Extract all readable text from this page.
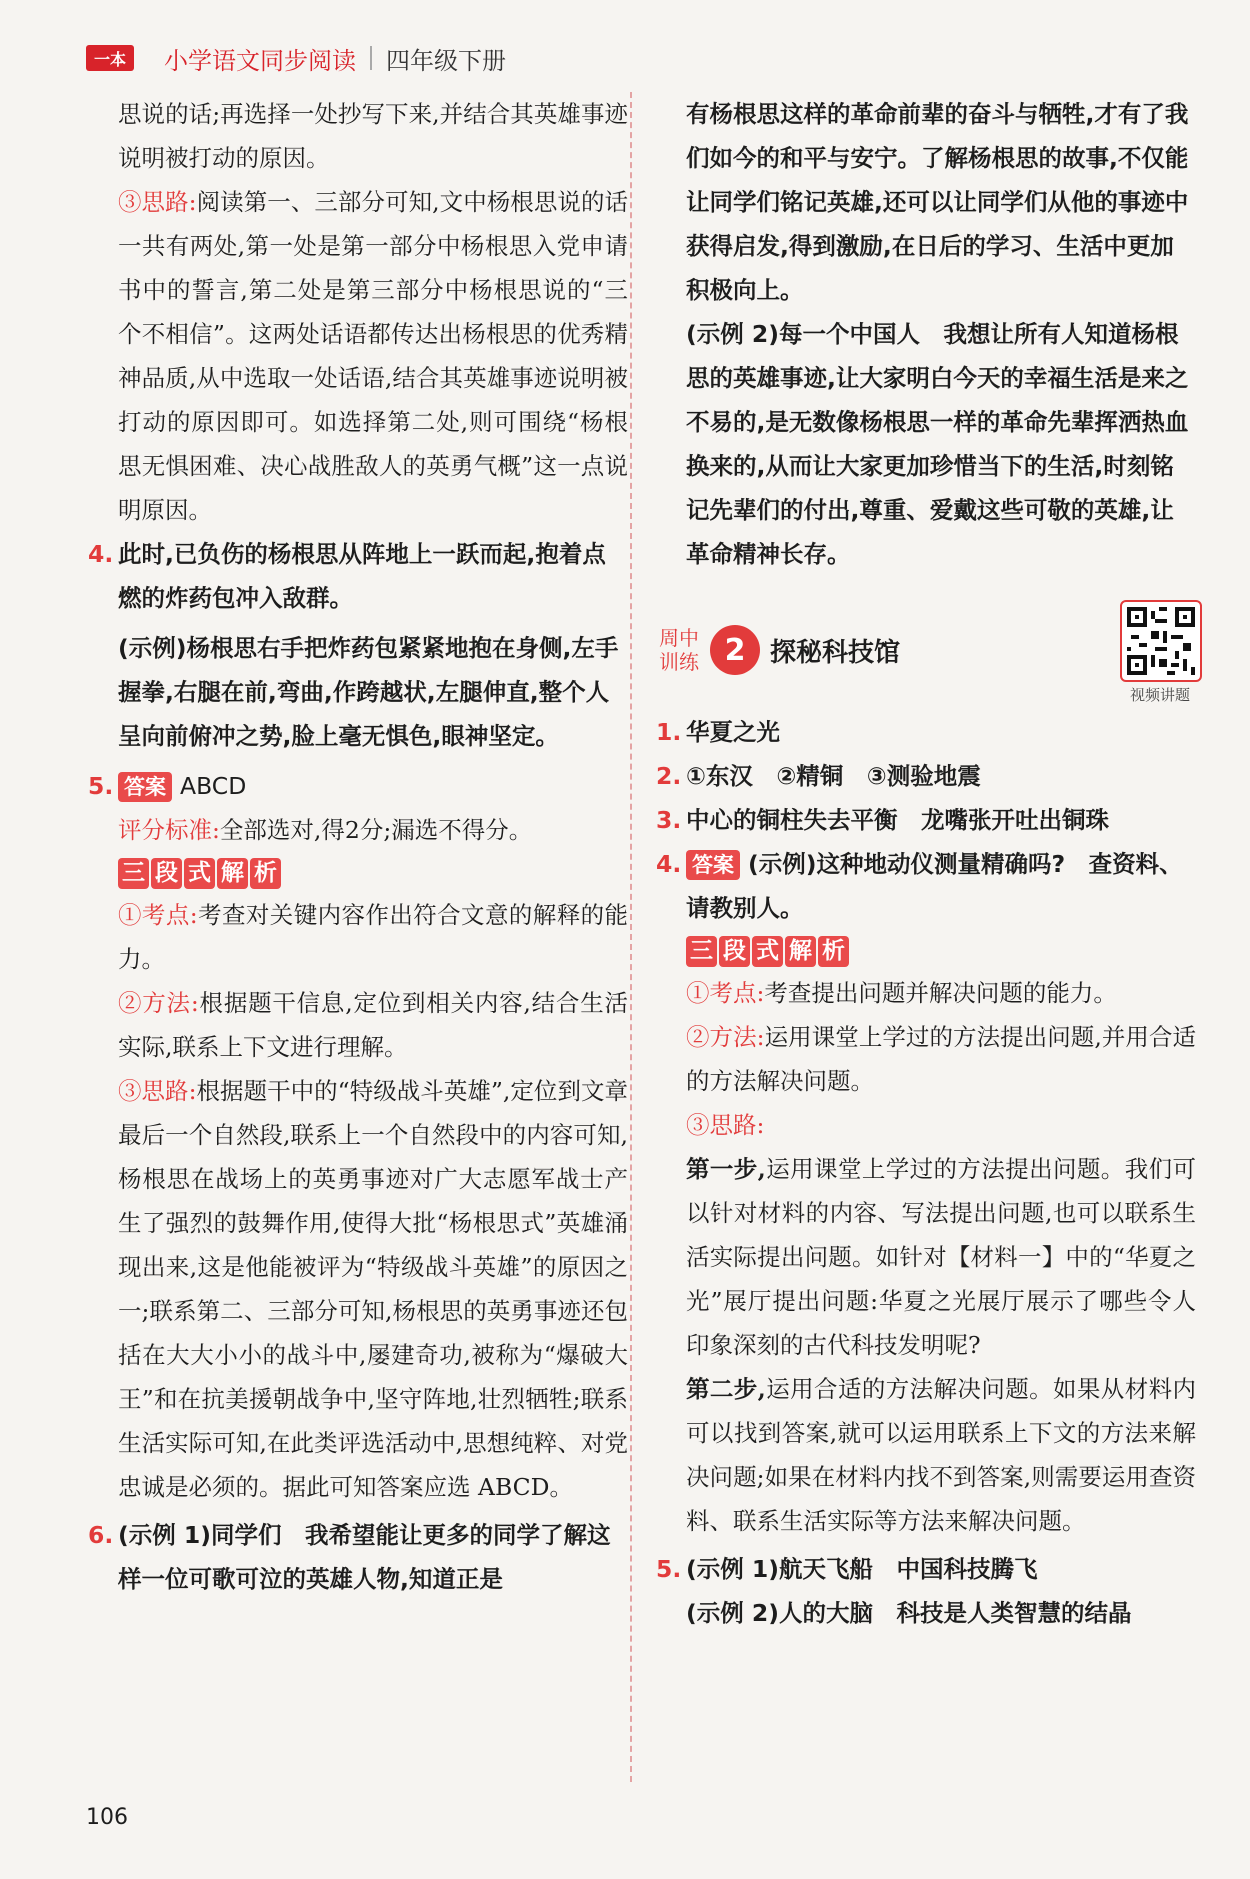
一本	小学语文同步阅读 四年级下册

思说的话;再选择一处抄写下来,并结合其英雄事迹说明被打动的原因。

③思路:阅读第一、三部分可知,文中杨根思说的话一共有两处,第一处是第一部分中杨根思入党申请书中的誓言,第二处是第三部分中杨根思说的“三个不相信”。这两处话语都传达出杨根思的优秀精神品质,从中选取一处话语,结合其英雄事迹说明被打动的原因即可。如选择第二处,则可围绕“杨根思无惧困难、决心战胜敌人的英勇气概”这一点说明原因。

4. 此时,已负伤的杨根思从阵地上一跃而起,抱着点燃的炸药包冲入敌群。

(示例)杨根思右手把炸药包紧紧地抱在身侧,左手握拳,右腿在前,弯曲,作跨越状,左腿伸直,整个人呈向前俯冲之势,脸上毫无惧色,眼神坚定。

5. 答案 ABCD

评分标准:全部选对,得2分;漏选不得分。

三 段 式 解 析

①考点:考查对关键内容作出符合文意的解释的能力。

②方法:根据题干信息,定位到相关内容,结合生活实际,联系上下文进行理解。

③思路:根据题干中的“特级战斗英雄”,定位到文章最后一个自然段,联系上一个自然段中的内容可知,杨根思在战场上的英勇事迹对广大志愿军战士产生了强烈的鼓舞作用,使得大批“杨根思式”英雄涌现出来,这是他能被评为“特级战斗英雄”的原因之一;联系第二、三部分可知,杨根思的英勇事迹还包括在大大小小的战斗中,屡建奇功,被称为“爆破大王”和在抗美援朝战争中,坚守阵地,壮烈牺牲;联系生活实际可知,在此类评选活动中,思想纯粹、对党忠诚是必须的。据此可知答案应选 ABCD。

6. (示例 1)同学们　我希望能让更多的同学了解这样一位可歌可泣的英雄人物,知道正是

有杨根思这样的革命前辈的奋斗与牺牲,才有了我们如今的和平与安宁。了解杨根思的故事,不仅能让同学们铭记英雄,还可以让同学们从他的事迹中获得启发,得到激励,在日后的学习、生活中更加积极向上。

(示例 2)每一个中国人　我想让所有人知道杨根思的英雄事迹,让大家明白今天的幸福生活是来之不易的,是无数像杨根思一样的革命先辈挥洒热血换来的,从而让大家更加珍惜当下的生活,时刻铭记先辈们的付出,尊重、爱戴这些可敬的英雄,让革命精神长存。

周中训练 2 探秘科技馆
视频讲题

1. 华夏之光

2. ①东汉　②精铜　③测验地震

3. 中心的铜柱失去平衡　龙嘴张开吐出铜珠

4. 答案 (示例)这种地动仪测量精确吗?　查资料、请教别人。

三 段 式 解 析

①考点:考查提出问题并解决问题的能力。

②方法:运用课堂上学过的方法提出问题,并用合适的方法解决问题。

③思路:

第一步,运用课堂上学过的方法提出问题。我们可以针对材料的内容、写法提出问题,也可以联系生活实际提出问题。如针对【材料一】中的“华夏之光”展厅提出问题:华夏之光展厅展示了哪些令人印象深刻的古代科技发明呢?

第二步,运用合适的方法解决问题。如果从材料内可以找到答案,就可以运用联系上下文的方法来解决问题;如果在材料内找不到答案,则需要运用查资料、联系生活实际等方法来解决问题。

5. (示例 1)航天飞船　中国科技腾飞

(示例 2)人的大脑　科技是人类智慧的结晶

106
